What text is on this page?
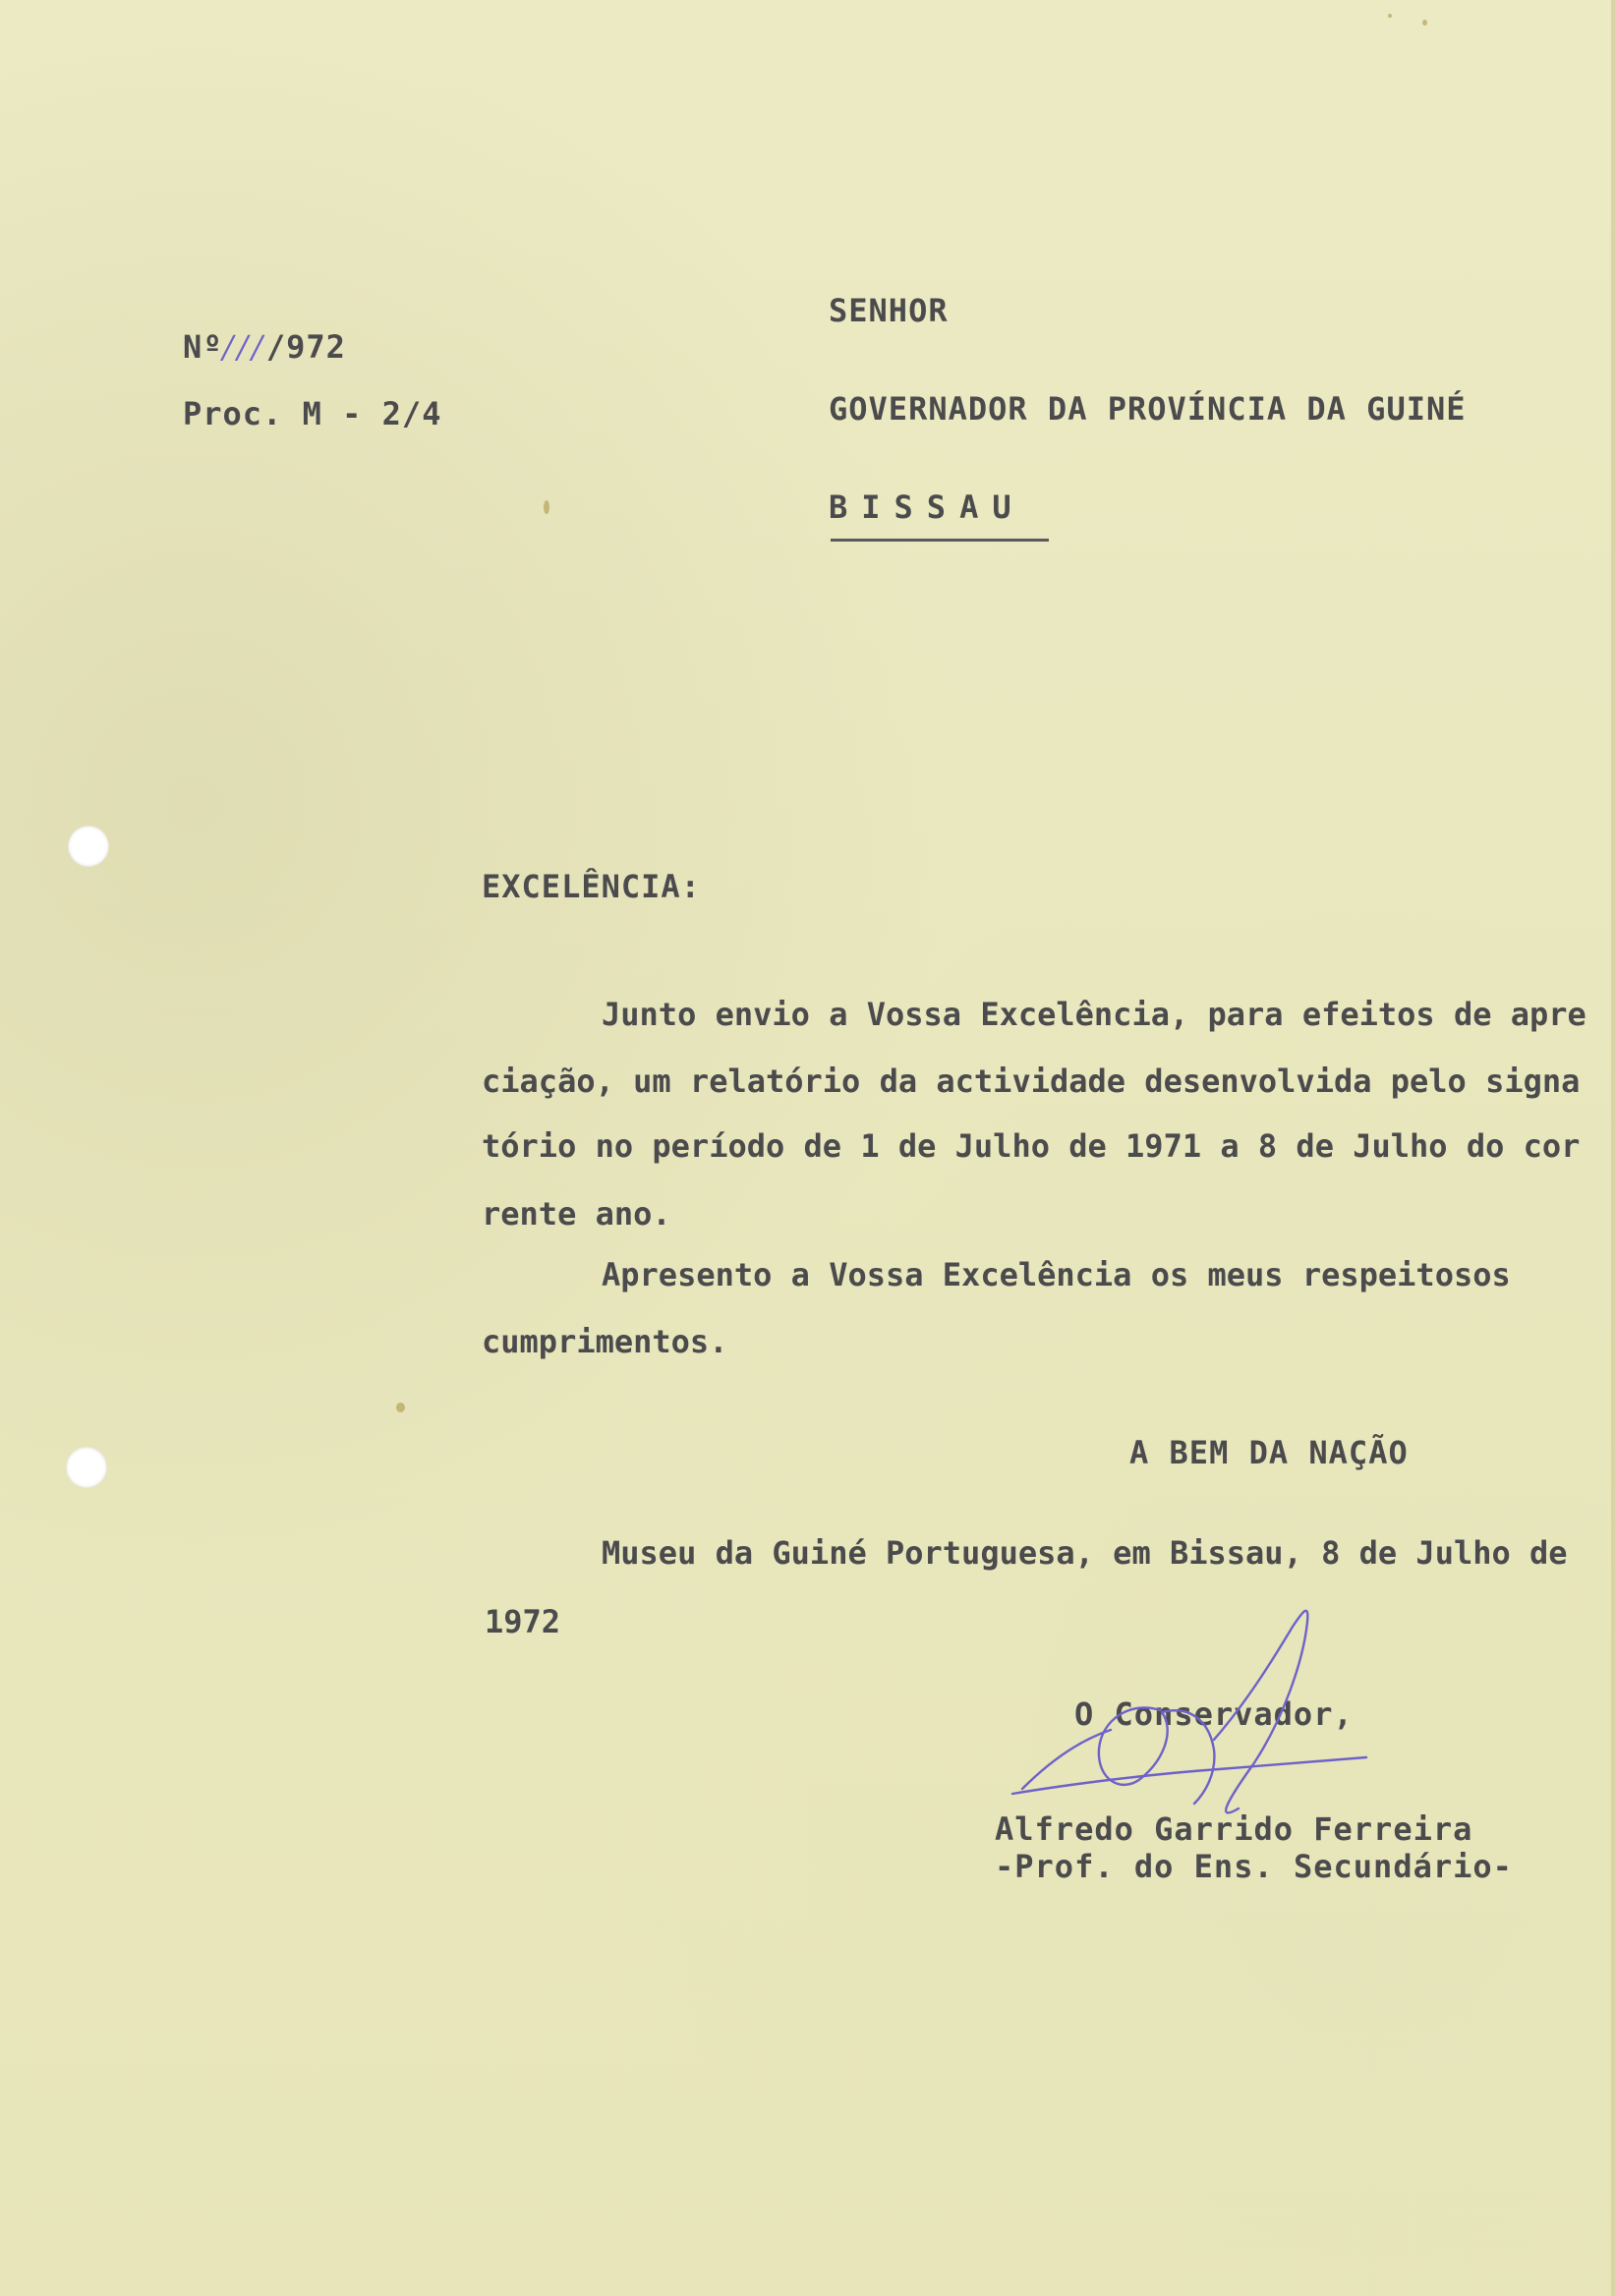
Nº////972
Proc. M - 2/4
SENHOR
GOVERNADOR DA PROVÍNCIA DA GUINÉ
BISSAU
EXCELÊNCIA:
Junto envio a Vossa Excelência, para efeitos de apre
ciação, um relatório da actividade desenvolvida pelo signa
tório no período de 1 de Julho de 1971 a 8 de Julho do cor
rente ano.
Apresento a Vossa Excelência os meus respeitosos
cumprimentos.
A BEM DA NAÇÃO
Museu da Guiné Portuguesa, em Bissau, 8 de Julho de
1972
O Conservador,
Alfredo Garrido Ferreira
-Prof. do Ens. Secundário-
